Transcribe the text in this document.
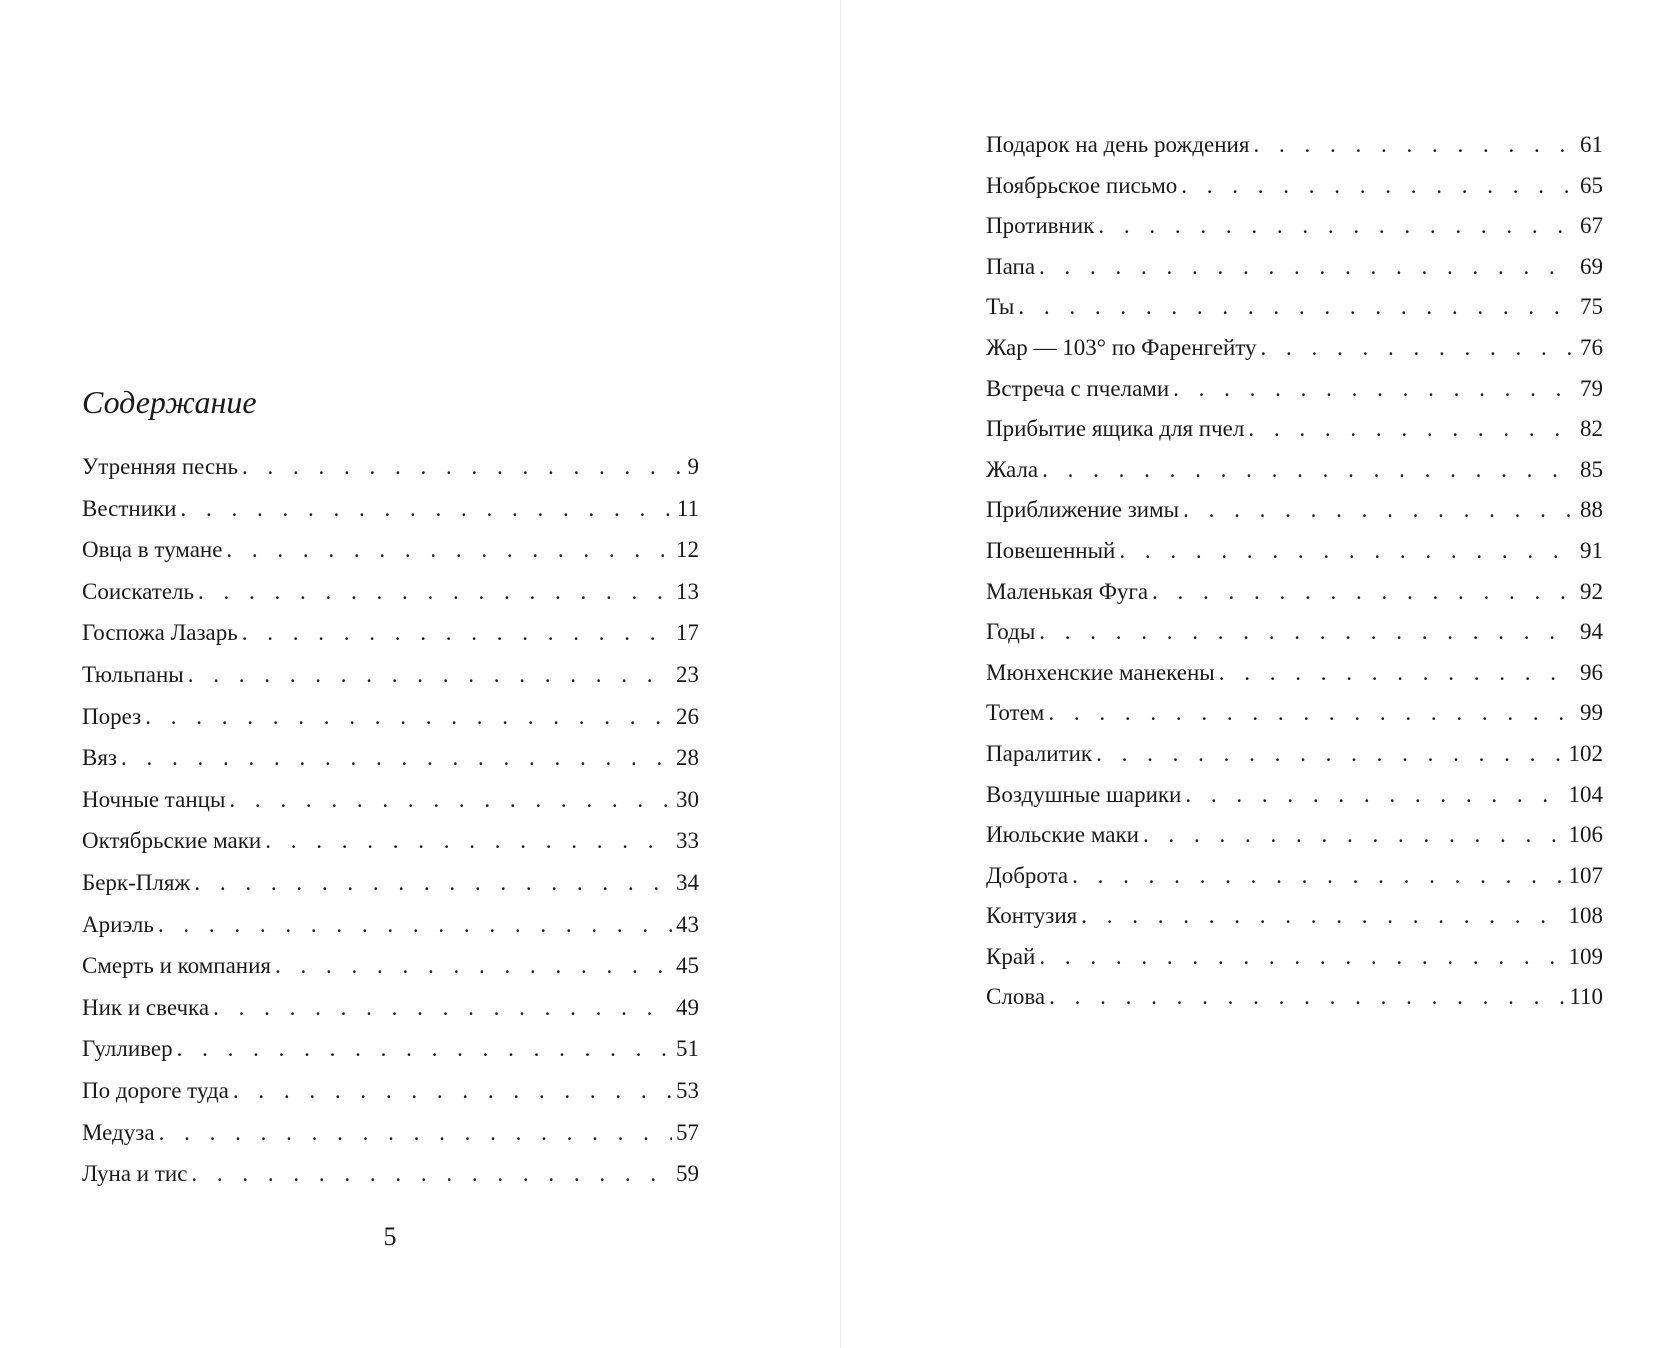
Содержание
Утренняя песнь . . .	9
Вестники . . .	11
Овца в тумане . . .	12
Соискатель . . .	13
Госпожа Лазарь . . .	17
Тюльпаны . . .	23
Порез . . .	26
Вяз . . .	28
Ночные танцы . . .	30
Октябрьские маки . . .	33
Берк-Пляж . . .	34
Ариэль . . .	43
Смерть и компания . . .	45
Ник и свечка . . .	49
Гулливер . . .	51
По дороге туда . . .	53
Медуза . . .	57
Луна и тис . . .	59
5
Подарок на день рождения . . .	61
Ноябрьское письмо . . .	65
Противник . . .	67
Папа . . .	69
Ты . . .	75
Жар — 103° по Фаренгейту . . .	76
Встреча с пчелами . . .	79
Прибытие ящика для пчел . . .	82
Жала . . .	85
Приближение зимы . . .	88
Повешенный . . .	91
Маленькая Фуга . . .	92
Годы . . .	94
Мюнхенские манекены . . .	96
Тотем . . .	99
Паралитик . . .	102
Воздушные шарики . . .	104
Июльские маки . . .	106
Доброта . . .	107
Контузия . . .	108
Край . . .	109
Слова . . .	110
